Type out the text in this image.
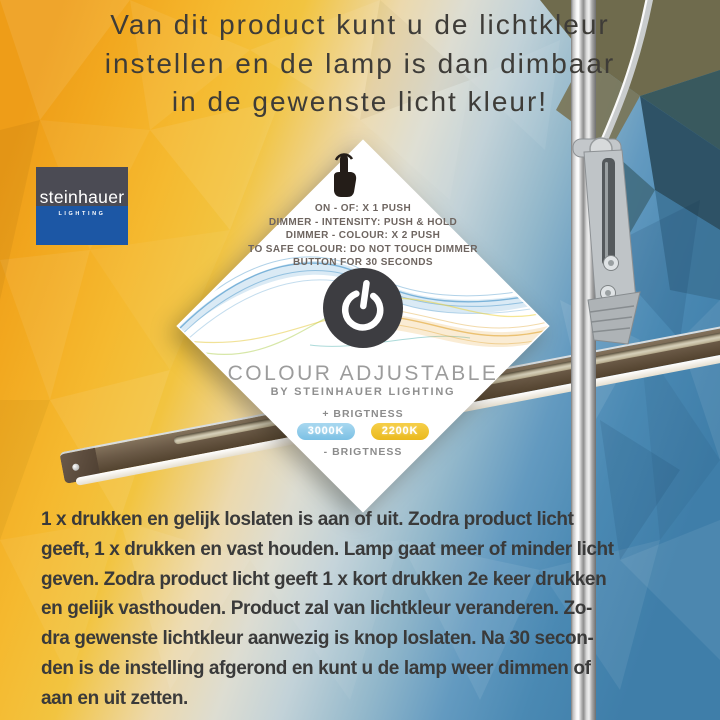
ON - OF: X 1 PUSH
DIMMER - INTENSITY: PUSH & HOLD
DIMMER - COLOUR: X 2 PUSH
TO SAFE COLOUR: DO NOT TOUCH DIMMER
BUTTON FOR 30 SECONDS
COLOUR ADJUSTABLE
BY STEINHAUER LIGHTING
+ BRIGTNESS
3000K	2200K
- BRIGTNESS
Van dit product kunt u de lichtkleur
instellen en de lamp is dan dimbaar
in de gewenste licht kleur!
steinhauer
LIGHTING
1 x drukken en gelijk loslaten is aan of uit. Zodra product licht
geeft, 1 x drukken en vast houden. Lamp gaat meer of minder licht
geven. Zodra product licht geeft 1 x kort drukken 2e keer drukken
en gelijk vasthouden. Product zal van lichtkleur veranderen. Zo-
dra gewenste lichtkleur aanwezig is knop loslaten. Na 30 secon-
den is de instelling afgerond en kunt u de lamp weer dimmen of
aan en uit zetten.
